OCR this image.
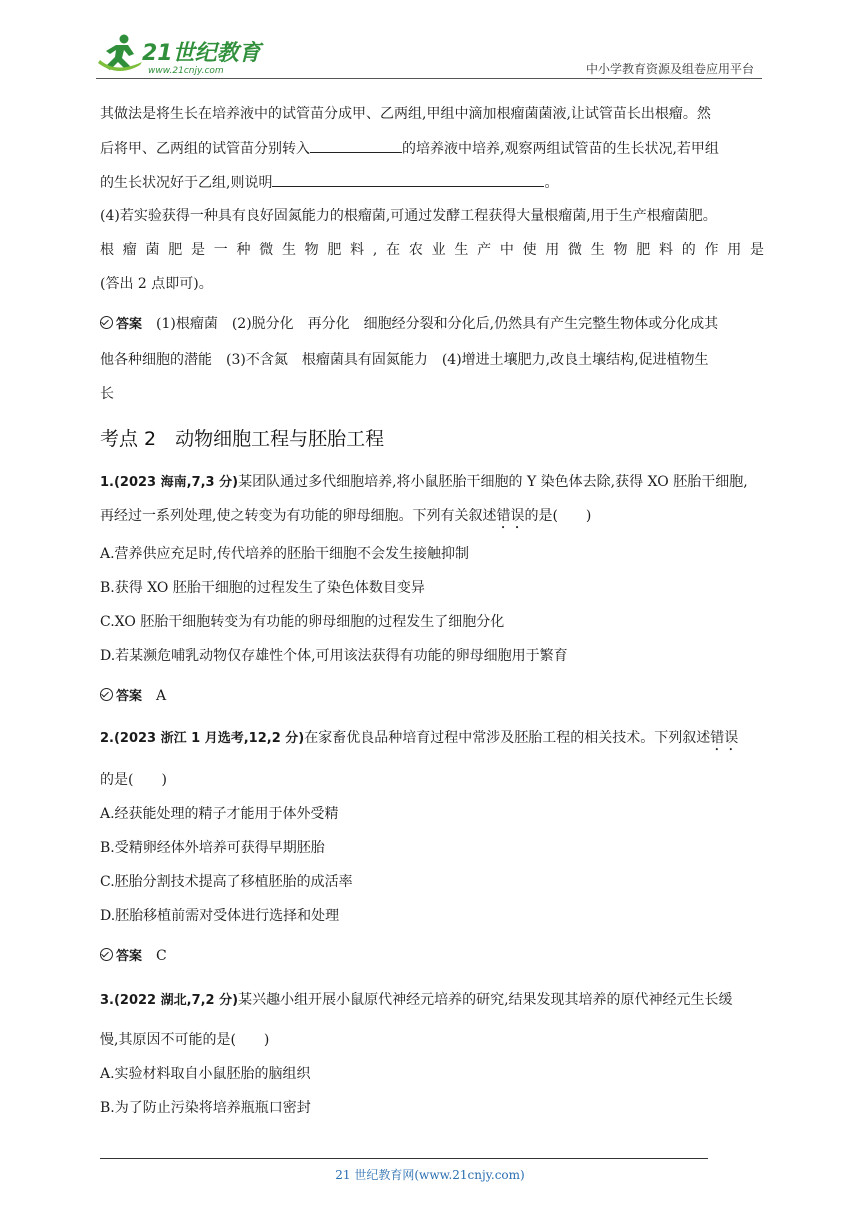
21世纪教育
www.21cnjy.com	中小学教育资源及组卷应用平台

其做法是将生长在培养液中的试管苗分成甲、乙两组,甲组中滴加根瘤菌菌液,让试管苗长出根瘤。然

后将甲、乙两组的试管苗分别转入	的培养液中培养,观察两组试管苗的生长状况,若甲组

的生长状况好于乙组,则说明	。

(4)若实验获得一种具有良好固氮能力的根瘤菌,可通过发酵工程获得大量根瘤菌,用于生产根瘤菌肥。

根瘤菌肥是一种微生物肥料,在农业生产中使用微生物肥料的作用是

(答出 2 点即可)。

答案　 (1)根瘤菌　(2)脱分化　再分化　细胞经分裂和分化后,仍然具有产生完整生物体或分化成其

他各种细胞的潜能　(3)不含氮　根瘤菌具有固氮能力　(4)增进土壤肥力,改良土壤结构,促进植物生

长

考点 2　动物细胞工程与胚胎工程

1.(2023 海南,7,3 分)某团队通过多代细胞培养,将小鼠胚胎干细胞的 Y 染色体去除,获得 XO 胚胎干细胞,

再经过一系列处理,使之转变为有功能的卵母细胞。下列有关叙述错误的是(　　)

A.营养供应充足时,传代培养的胚胎干细胞不会发生接触抑制

B.获得 XO 胚胎干细胞的过程发生了染色体数目变异

C.XO 胚胎干细胞转变为有功能的卵母细胞的过程发生了细胞分化

D.若某濒危哺乳动物仅存雄性个体,可用该法获得有功能的卵母细胞用于繁育

答案　 A

2.(2023 浙江 1 月选考,12,2 分)在家畜优良品种培育过程中常涉及胚胎工程的相关技术。下列叙述错误

的是(　　)

A.经获能处理的精子才能用于体外受精

B.受精卵经体外培养可获得早期胚胎

C.胚胎分割技术提高了移植胚胎的成活率

D.胚胎移植前需对受体进行选择和处理

答案　 C

3.(2022 湖北,7,2 分)某兴趣小组开展小鼠原代神经元培养的研究,结果发现其培养的原代神经元生长缓

慢,其原因不可能的是(　　)

A.实验材料取自小鼠胚胎的脑组织

B.为了防止污染将培养瓶瓶口密封

21 世纪教育网(www.21cnjy.com)
